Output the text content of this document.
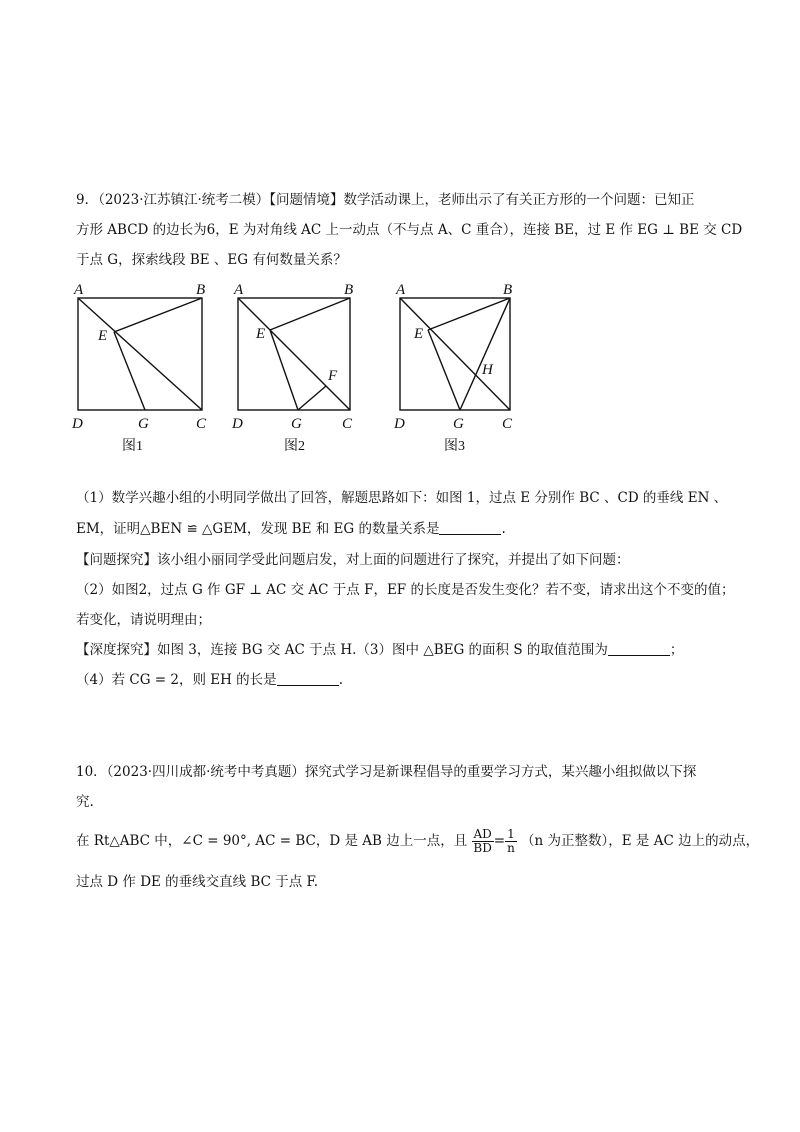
9．（2023·江苏镇江·统考二模）【问题情境】数学活动课上，老师出示了有关正方形的一个问题：已知正
方形 ABCD 的边长为6，E 为对角线 AC 上一动点（不与点 A、C 重合），连接 BE，过 E 作 EG ⊥ BE 交 CD
于点 G，探索线段 BE 、EG 有何数量关系？
A	B
E
D	G	C
图1
A	B
E
F
D	G	C
图2
A	B
E
H
D	G	C
图3
（1）数学兴趣小组的小明同学做出了回答，解题思路如下：如图 1，过点 E 分别作 BC 、CD 的垂线 EN 、
EM，证明△BEN ≌ △GEM，发现 BE 和 EG 的数量关系是	.
【问题探究】该小组小丽同学受此问题启发，对上面的问题进行了探究，并提出了如下问题：
（2）如图2，过点 G 作 GF ⊥ AC 交 AC 于点 F，EF 的长度是否发生变化？若不变，请求出这个不变的值；
若变化，请说明理由；
【深度探究】如图 3，连接 BG 交 AC 于点 H.（3）图中 △BEG 的面积 S 的取值范围为	；
（4）若 CG = 2，则 EH 的长是	.
10．（2023·四川成都·统考中考真题）探究式学习是新课程倡导的重要学习方式，某兴趣小组拟做以下探
究.
在 Rt△ABC 中，∠C = 90°, AC = BC，D 是 AB 边上一点，且 $\frac{AD}{BD} = \frac{1}{n} (n$ 为正整数），E 是 AC 边上的动点，
过点 D 作 DE 的垂线交直线 BC 于点 F.
